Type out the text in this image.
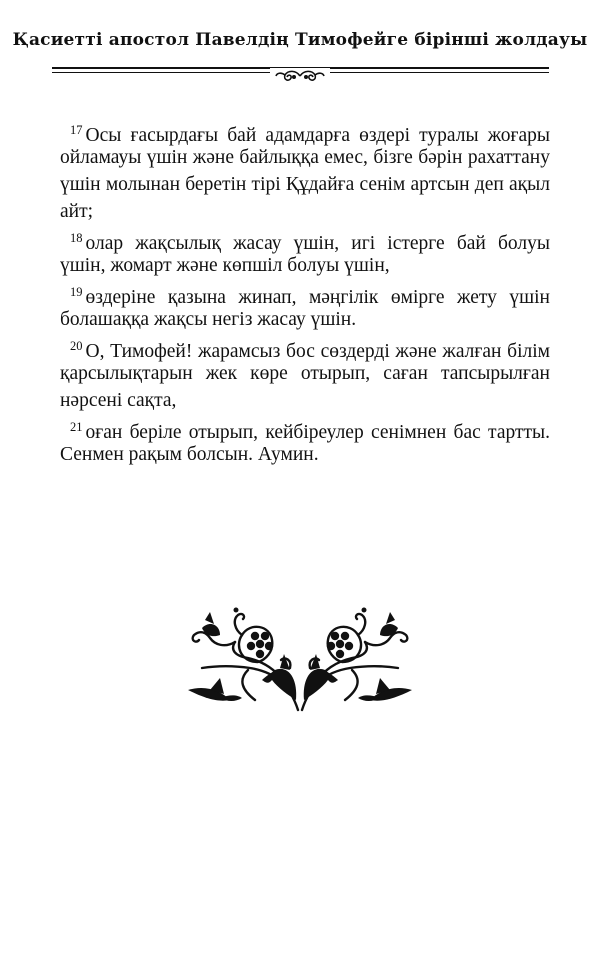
Қасиетті апостол Павелдің Тимофейге бірінші жолдауы
$^{17}$ Осы ғасырдағы бай адамдарға өздері туралы жоғары
ойламауы үшін және байлыққа емес, бізге бәрін рахаттану
үшін молынан беретін тірі Құдайға сенім артсын деп ақыл
айт;
$^{18}$ олар жақсылық жасау үшін, игі істерге бай болуы
үшін, жомарт және көпшіл болуы үшін,
$^{19}$ өздеріне қазына жинап, мәңгілік өмірге жету үшін
болашаққа жақсы негіз жасау үшін.
$^{20}$ О, Тимофей! жарамсыз бос сөздерді және жалған білім
қарсылықтарын жек көре отырып, саған тапсырылған
нәрсені сақта,
$^{21}$ оған беріле отырып, кейбіреулер сенімнен бас тартты.
Сенмен рақым болсын. Аумин.
